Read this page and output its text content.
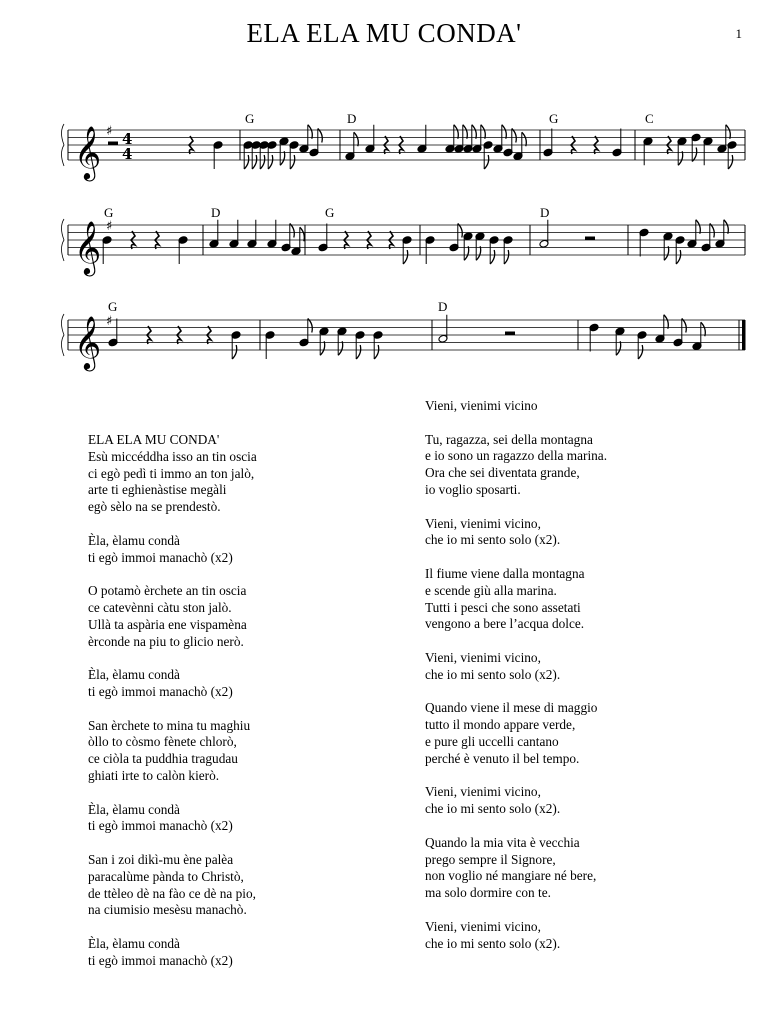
ELA ELA MU CONDA'	1
𝄞 ♯ 4
4
G	D	G	C
𝄞 ♯
G	D	G	D
𝄞 ♯
G	D
ELA ELA MU CONDA'
Esù miccéddha isso an tin oscia
ci egò pedì ti immo an ton jalò,
arte ti eghienàstise megàli
egò sèlo na se prendestò.
Èla, èlamu condà
ti egò immoi manachò (x2)
O potamò èrchete an tin oscia
ce catevènni càtu ston jalò.
Ullà ta aspària ene vispamèna
èrconde na piu to glicio nerò.
Èla, èlamu condà
ti egò immoi manachò (x2)
San èrchete to mina tu maghiu
òllo to còsmo fènete chlorò,
ce ciòla ta puddhia tragudau
ghiati irte to calòn kierò.
Èla, èlamu condà
ti egò immoi manachò (x2)
San i zoi dikì-mu ène palèa
paracalùme pànda to Christò,
de ttèleo dè na fào ce dè na pio,
na ciumisio mesèsu manachò.
Èla, èlamu condà
ti egò immoi manachò (x2)
Vieni, vienimi vicino
Tu, ragazza, sei della montagna
e io sono un ragazzo della marina.
Ora che sei diventata grande,
io voglio sposarti.
Vieni, vienimi vicino,
che io mi sento solo (x2).
Il fiume viene dalla montagna
e scende giù alla marina.
Tutti i pesci che sono assetati
vengono a bere l’acqua dolce.
Vieni, vienimi vicino,
che io mi sento solo (x2).
Quando viene il mese di maggio
tutto il mondo appare verde,
e pure gli uccelli cantano
perché è venuto il bel tempo.
Vieni, vienimi vicino,
che io mi sento solo (x2).
Quando la mia vita è vecchia
prego sempre il Signore,
non voglio né mangiare né bere,
ma solo dormire con te.
Vieni, vienimi vicino,
che io mi sento solo (x2).
